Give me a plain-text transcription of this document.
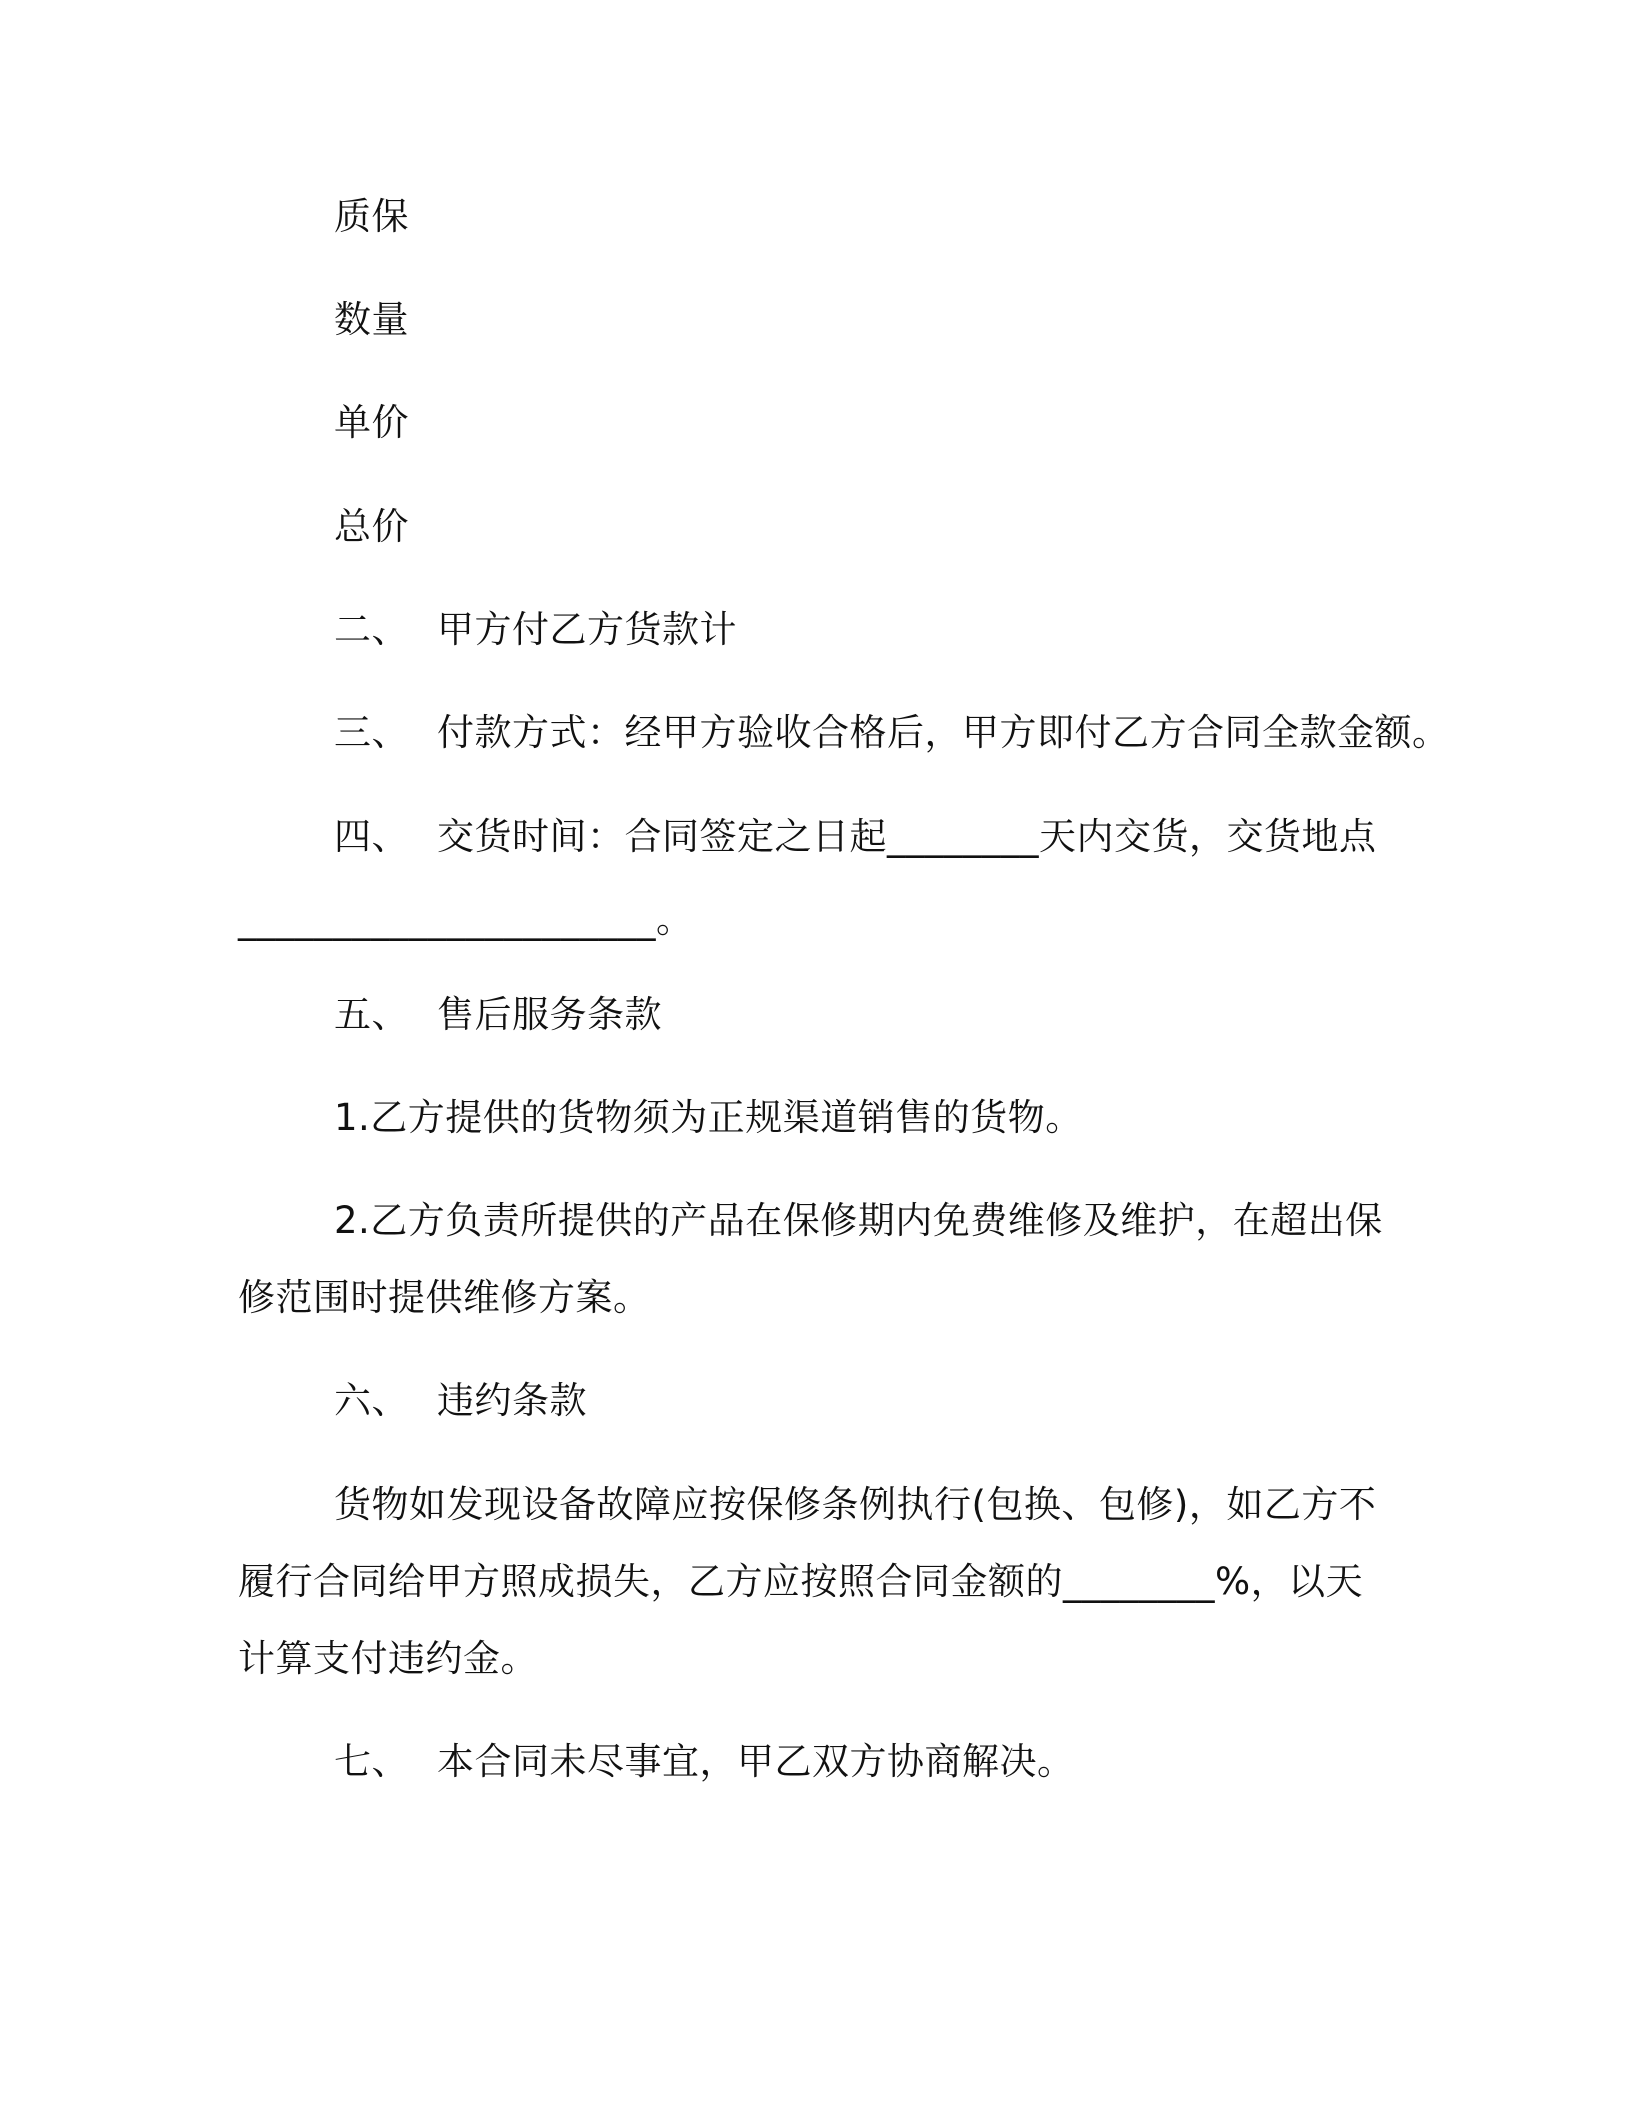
质保
数量
单价
总价
二、 甲方付乙方货款计
三、 付款方式：经甲方验收合格后，甲方即付乙方合同全款金额。
四、 交货时间：合同签定之日起________天内交货，交货地点
______________________。
五、 售后服务条款
1.乙方提供的货物须为正规渠道销售的货物。
2.乙方负责所提供的产品在保修期内免费维修及维护，在超出保
修范围时提供维修方案。
六、 违约条款
货物如发现设备故障应按保修条例执行(包换、包修)，如乙方不
履行合同给甲方照成损失，乙方应按照合同金额的________%，以天
计算支付违约金。
七、 本合同未尽事宜，甲乙双方协商解决。
